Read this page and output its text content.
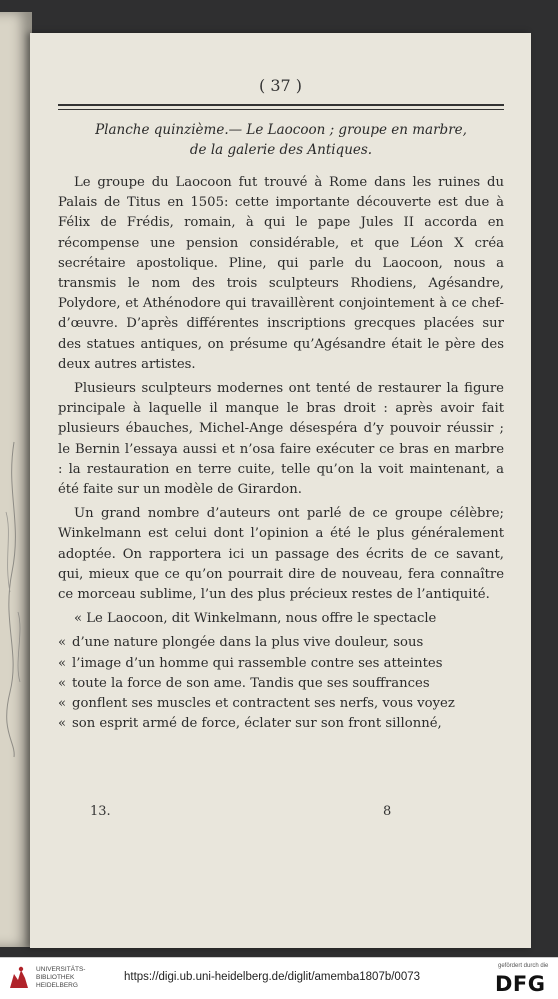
( 37 )
Planche quinzième.— Le Laocoon ; groupe en marbre,
de la galerie des Antiques.

Le groupe du Laocoon fut trouvé à Rome dans les ruines du Palais de Titus en 1505: cette importante découverte est due à Félix de Frédis, romain, à qui le pape Jules II accorda en récompense une pension considérable, et que Léon X créa secrétaire apostolique. Pline, qui parle du Laocoon, nous a transmis le nom des trois sculpteurs Rhodiens, Agésandre, Polydore, et Athénodore qui travaillèrent conjointement à ce chef-d’œuvre. D’après différentes inscriptions grecques placées sur des statues antiques, on présume qu’Agésandre était le père des deux autres artistes.

Plusieurs sculpteurs modernes ont tenté de restaurer la figure principale à laquelle il manque le bras droit : après avoir fait plusieurs ébauches, Michel-Ange désespéra d’y pouvoir réussir ; le Bernin l’essaya aussi et n’osa faire exécuter ce bras en marbre : la restauration en terre cuite, telle qu’on la voit maintenant, a été faite sur un modèle de Girardon.

Un grand nombre d’auteurs ont parlé de ce groupe célèbre; Winkelmann est celui dont l’opinion a été le plus généralement adoptée. On rapportera ici un passage des écrits de ce savant, qui, mieux que ce qu’on pourrait dire de nouveau, fera connaître ce morceau sublime, l’un des plus précieux restes de l’antiquité.

« Le Laocoon, dit Winkelmann, nous offre le spectacle

« d’une nature plongée dans la plus vive douleur, sous

« l’image d’un homme qui rassemble contre ses atteintes

« toute la force de son ame. Tandis que ses souffrances

« gonflent ses muscles et contractent ses nerfs, vous voyez

« son esprit armé de force, éclater sur son front sillonné,

13.	8
UNIVERSITÄTS-
BIBLIOTHEK
HEIDELBERG
https://digi.ub.uni-heidelberg.de/diglit/amemba1807b/0073
gefördert durch die
DFG
